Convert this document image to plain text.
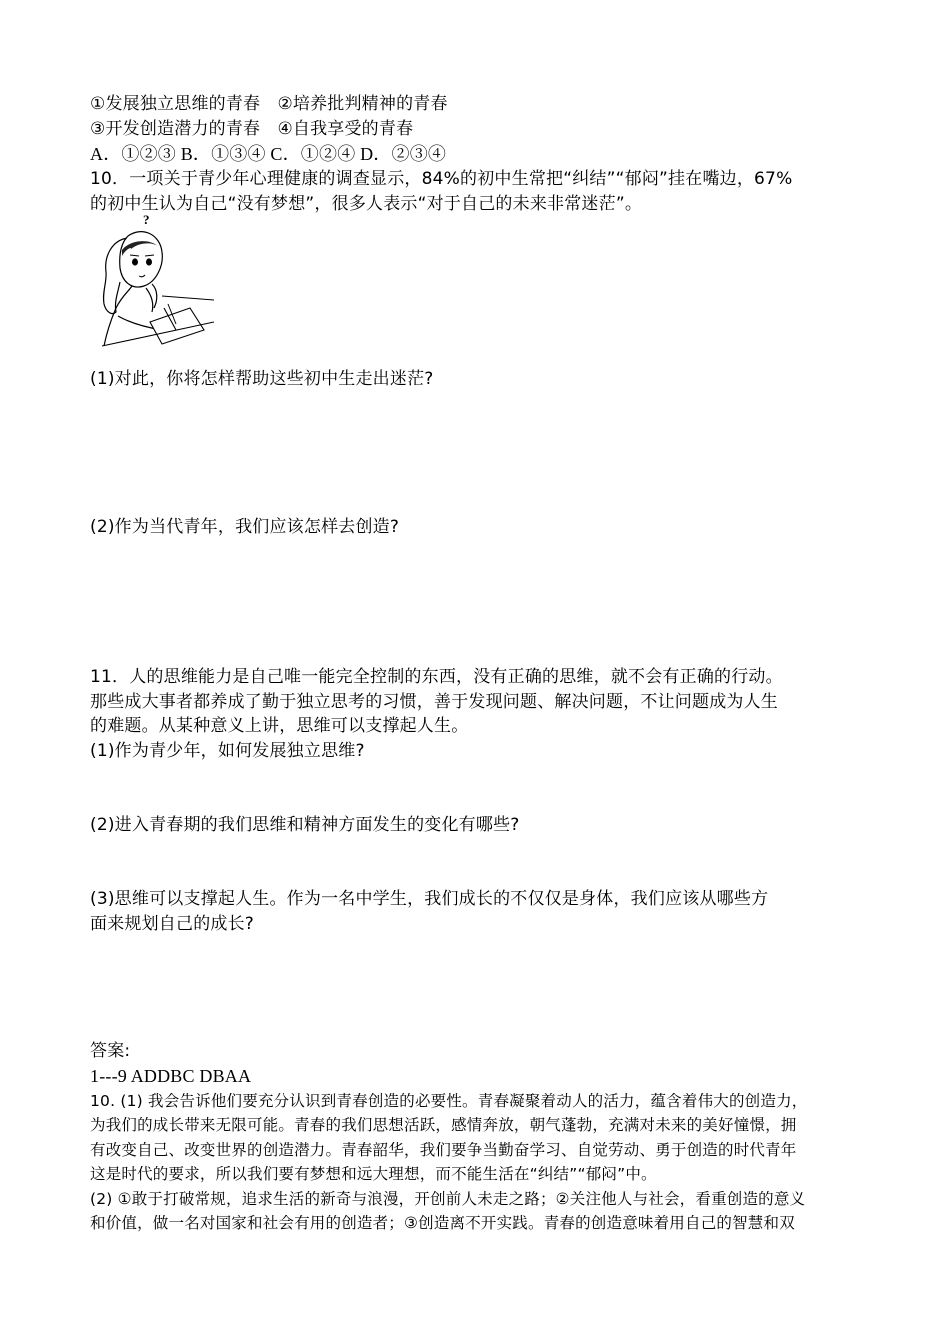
①发展独立思维的青春　②培养批判精神的青春
③开发创造潜力的青春　④自我享受的青春
A．①②③ B．①③④ C．①②④ D．②③④
10．一项关于青少年心理健康的调查显示，84%的初中生常把“纠结”“郁闷”挂在嘴边，67%
的初中生认为自己“没有梦想”，很多人表示“对于自己的未来非常迷茫”。
?
(1)对此，你将怎样帮助这些初中生走出迷茫?
(2)作为当代青年，我们应该怎样去创造?
11．人的思维能力是自己唯一能完全控制的东西，没有正确的思维，就不会有正确的行动。
那些成大事者都养成了勤于独立思考的习惯，善于发现问题、解决问题，不让问题成为人生
的难题。从某种意义上讲，思维可以支撑起人生。
(1)作为青少年，如何发展独立思维?
(2)进入青春期的我们思维和精神方面发生的变化有哪些?
(3)思维可以支撑起人生。作为一名中学生，我们成长的不仅仅是身体，我们应该从哪些方
面来规划自己的成长?
答案:
1---9 ADDBC DBAA
10. (1) 我会告诉他们要充分认识到青春创造的必要性。青春凝聚着动人的活力，蕴含着伟大的创造力，
为我们的成长带来无限可能。青春的我们思想活跃，感情奔放，朝气蓬勃，充满对未来的美好憧憬，拥
有改变自己、改变世界的创造潜力。青春韶华，我们要争当勤奋学习、自觉劳动、勇于创造的时代青年
这是时代的要求，所以我们要有梦想和远大理想，而不能生活在“纠结”“郁闷”中。
(2) ①敢于打破常规，追求生活的新奇与浪漫，开创前人未走之路；②关注他人与社会，看重创造的意义
和价值，做一名对国家和社会有用的创造者；③创造离不开实践。青春的创造意味着用自己的智慧和双
